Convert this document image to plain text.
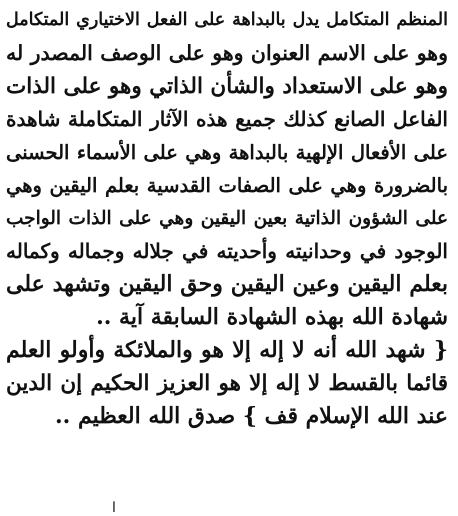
المنظم المتكامل يدل بالبداهة على الفعل الاختياري المتكامل
وهو على الاسم العنوان وهو على الوصف المصدر له
وهو على الاستعداد والشأن الذاتي وهو على الذات
الفاعل الصانع كذلك جميع هذه الآثار المتكاملة شاهدة
على الأفعال الإلهية بالبداهة وهي على الأسماء الحسنى
بالضرورة وهي على الصفات القدسية بعلم اليقين وهي
على الشؤون الذاتية بعين اليقين وهي على الذات الواجب
الوجود في وحدانيته وأحديته في جلاله وجماله وكماله
بعلم اليقين وعين اليقين وحق اليقين وتشهد على
شهادة الله بهذه الشهادة السابقة آية ..
{ شهد الله أنه لا إله إلا هو والملائكة وأولو العلم
قائما بالقسط لا إله إلا هو العزيز الحكيم إن الدين
عند الله الإسلام قف } صدق الله العظيم ..
ا
